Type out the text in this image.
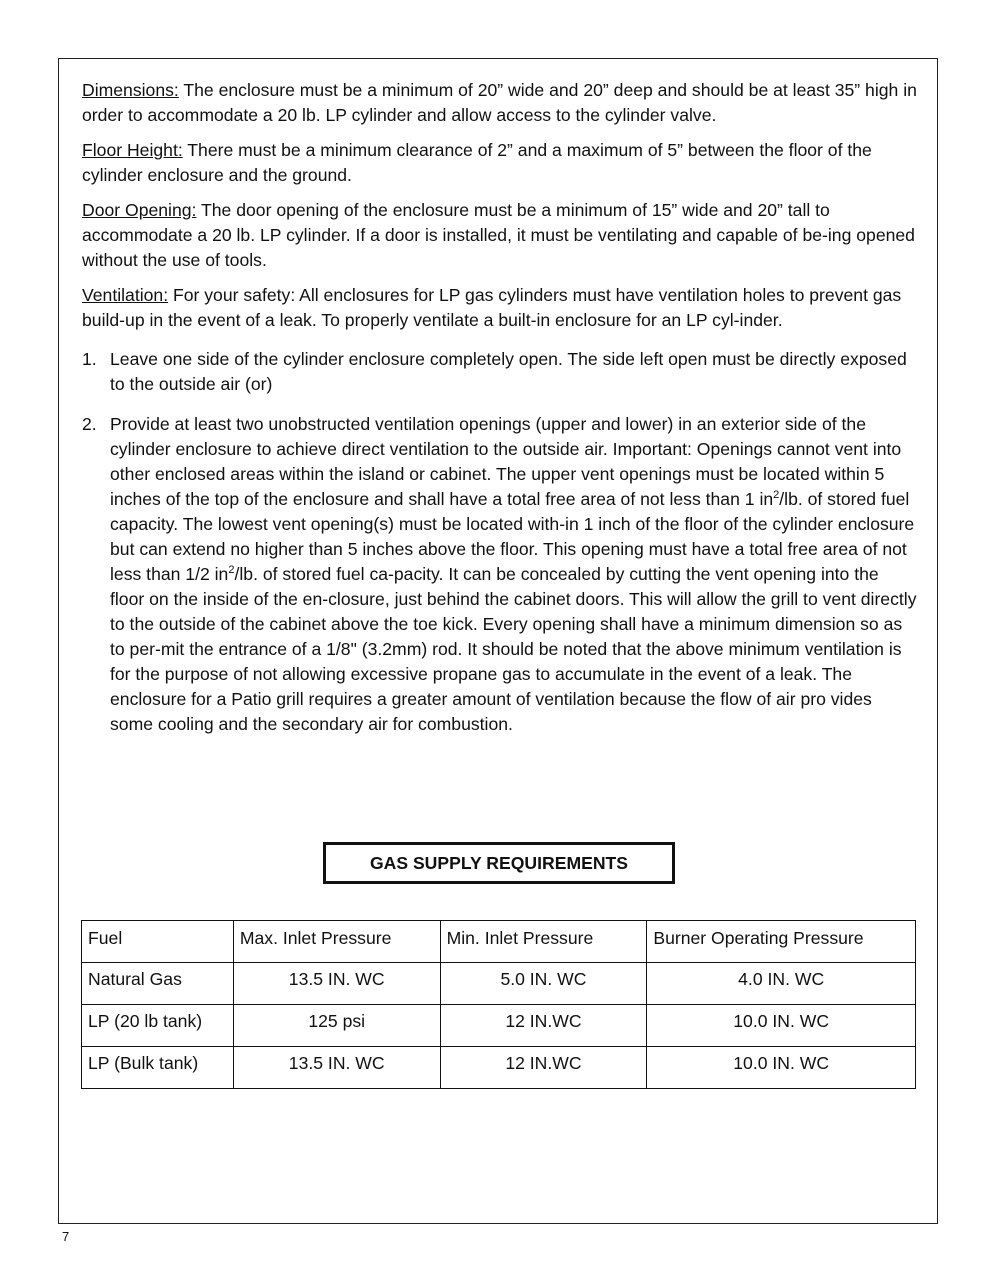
Dimensions: The enclosure must be a minimum of 20” wide and 20” deep and should be at least 35” high in order to accommodate a 20 lb. LP cylinder and allow access to the cylinder valve.

Floor Height: There must be a minimum clearance of 2” and a maximum of 5” between the floor of the cylinder enclosure and the ground.

Door Opening: The door opening of the enclosure must be a minimum of 15” wide and 20” tall to accommodate a 20 lb. LP cylinder. If a door is installed, it must be ventilating and capable of be-ing opened without the use of tools.

Ventilation: For your safety: All enclosures for LP gas cylinders must have ventilation holes to prevent gas build-up in the event of a leak. To properly ventilate a built-in enclosure for an LP cyl-inder.

1. Leave one side of the cylinder enclosure completely open. The side left open must be directly exposed to the outside air (or)
2. Provide at least two unobstructed ventilation openings (upper and lower) in an exterior side of the cylinder enclosure to achieve direct ventilation to the outside air. Important: Openings cannot vent into other enclosed areas within the island or cabinet. The upper vent openings must be located within 5 inches of the top of the enclosure and shall have a total free area of not less than 1 $in^2/lb$. of stored fuel capacity. The lowest vent opening(s) must be located with-in 1 inch of the floor of the cylinder enclosure but can extend no higher than 5 inches above the floor. This opening must have a total free area of not less than 1/2 $in^2/lb$. of stored fuel ca-pacity. It can be concealed by cutting the vent opening into the floor on the inside of the en-closure, just behind the cabinet doors. This will allow the grill to vent directly to the outside of the cabinet above the toe kick. Every opening shall have a minimum dimension so as to per-mit the entrance of a 1/8" (3.2mm) rod. It should be noted that the above minimum ventilation is for the purpose of not allowing excessive propane gas to accumulate in the event of a leak. The enclosure for a Patio grill requires a greater amount of ventilation because the flow of air pro vides some cooling and the secondary air for combustion.
GAS SUPPLY REQUIREMENTS
Fuel	Max. Inlet Pressure	Min. Inlet Pressure	Burner Operating Pressure
Natural Gas	13.5 IN. WC	5.0 IN. WC	4.0 IN. WC
LP (20 lb tank)	125 psi	12 IN.WC	10.0 IN. WC
LP (Bulk tank)	13.5 IN. WC	12 IN.WC	10.0 IN. WC
7
